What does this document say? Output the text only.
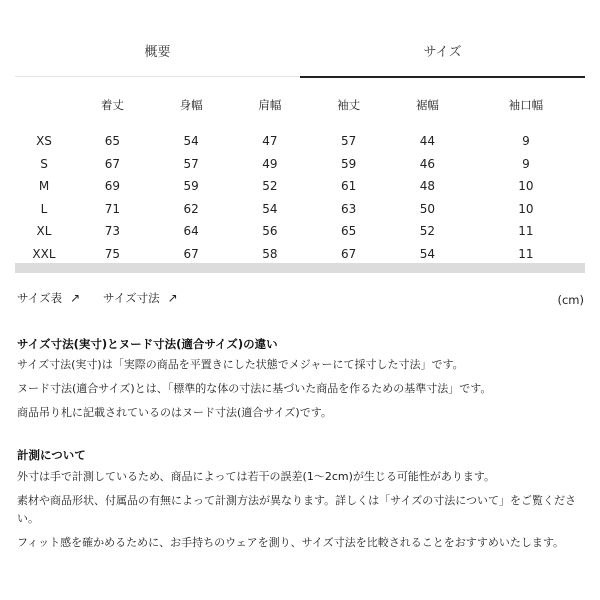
概要	サイズ
	着丈	身幅	肩幅	袖丈	裾幅	袖口幅

XS	65	54	47	57	44	9
S	67	57	49	59	46	9
M	69	59	52	61	48	10
L	71	62	54	63	50	10
XL	73	64	56	65	52	11
XXL	75	67	58	67	54	11
サイズ表 ↗ サイズ寸法 ↗	(cm)
サイズ寸法(実寸)とヌード寸法(適合サイズ)の違い
サイズ寸法(実寸)は「実際の商品を平置きにした状態でメジャーにて採寸した寸法」です。
ヌード寸法(適合サイズ)とは、「標準的な体の寸法に基づいた商品を作るための基準寸法」です。
商品吊り札に記載されているのはヌード寸法(適合サイズ)です。
計測について
外寸は手で計測しているため、商品によっては若干の誤差(1〜2cm)が生じる可能性があります。
素材や商品形状、付属品の有無によって計測方法が異なります。詳しくは「サイズの寸法について」をご覧ください。
フィット感を確かめるために、お手持ちのウェアを測り、サイズ寸法を比較されることをおすすめいたします。
